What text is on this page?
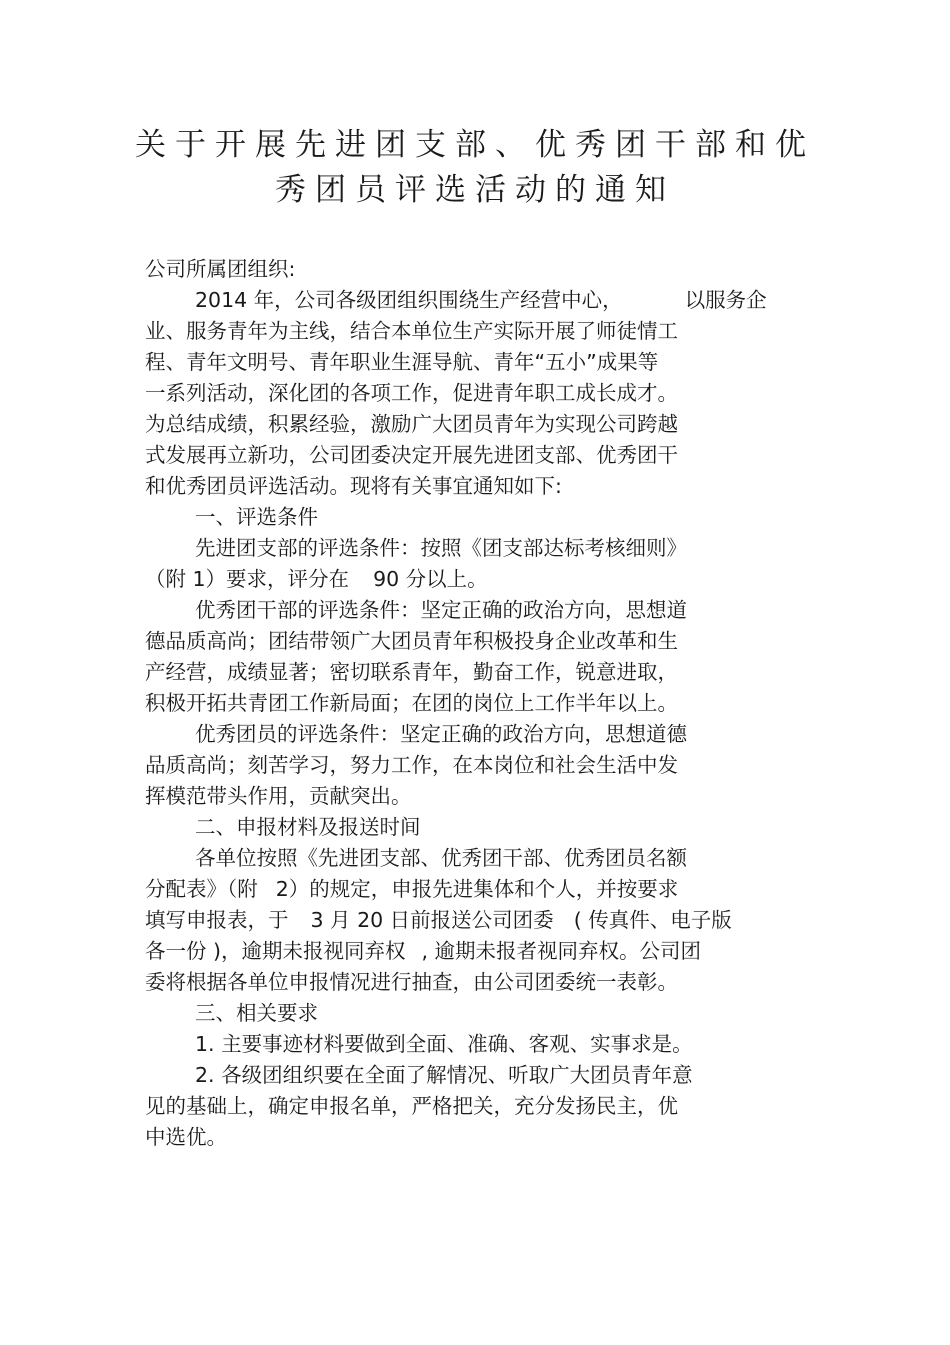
关于开展先进团支部、优秀团干部和优
秀团员评选活动的通知
公司所属团组织:
2014 年，公司各级团组织围绕生产经营中心，	以服务企
业、服务青年为主线，结合本单位生产实际开展了师徒情工
程、青年文明号、青年职业生涯导航、青年“五小”成果等
一系列活动，深化团的各项工作，促进青年职工成长成才。
为总结成绩，积累经验，激励广大团员青年为实现公司跨越
式发展再立新功，公司团委决定开展先进团支部、优秀团干
和优秀团员评选活动。现将有关事宜通知如下:
一、评选条件
先进团支部的评选条件：按照《团支部达标考核细则》
（附 1）要求，评分在 90 分以上。
优秀团干部的评选条件：坚定正确的政治方向，思想道
德品质高尚；团结带领广大团员青年积极投身企业改革和生
产经营，成绩显著；密切联系青年，勤奋工作，锐意进取，
积极开拓共青团工作新局面；在团的岗位上工作半年以上。
优秀团员的评选条件：坚定正确的政治方向，思想道德
品质高尚；刻苦学习，努力工作，在本岗位和社会生活中发
挥模范带头作用，贡献突出。
二、申报材料及报送时间
各单位按照《先进团支部、优秀团干部、优秀团员名额
分配表》（附 2）的规定，申报先进集体和个人，并按要求
填写申报表，于 3 月 20 日前报送公司团委 ( 传真件、电子版
各一份 )，逾期未报视同弃权 , 逾期未报者视同弃权。公司团
委将根据各单位申报情况进行抽查，由公司团委统一表彰。
三、相关要求
1. 主要事迹材料要做到全面、准确、客观、实事求是。
2. 各级团组织要在全面了解情况、听取广大团员青年意
见的基础上，确定申报名单，严格把关，充分发扬民主，优
中选优。
